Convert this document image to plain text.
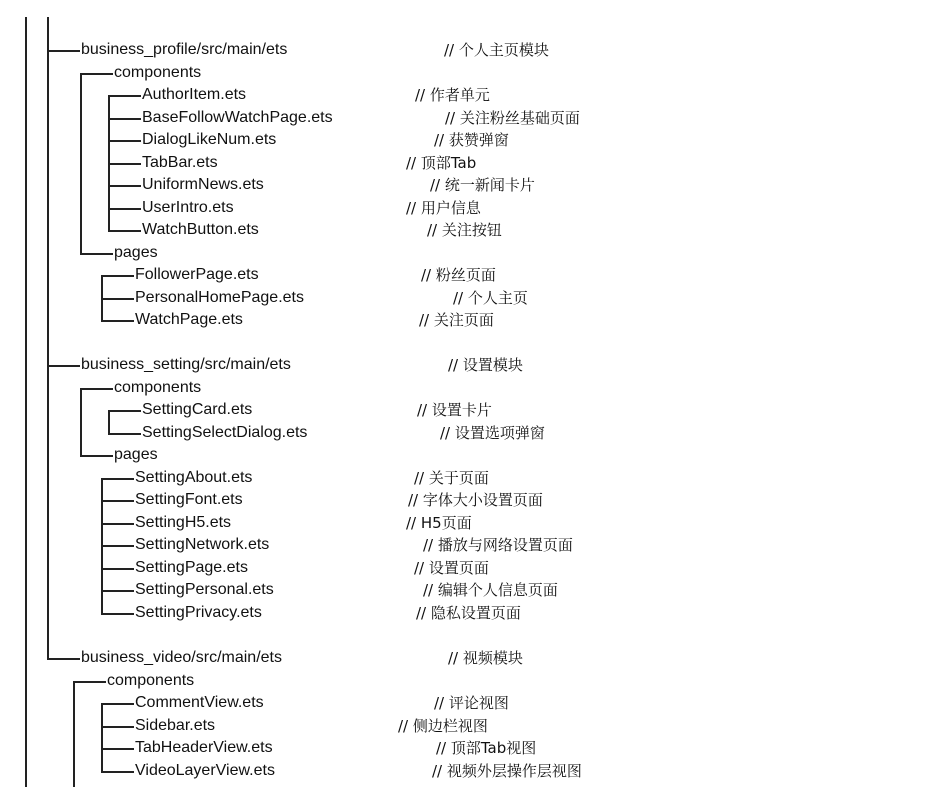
business_profile/src/main/ets	// 个人主页模块
components
AuthorItem.ets	// 作者单元
BaseFollowWatchPage.ets	// 关注粉丝基础页面
DialogLikeNum.ets	// 获赞弹窗
TabBar.ets	// 顶部Tab
UniformNews.ets	// 统一新闻卡片
UserIntro.ets	// 用户信息
WatchButton.ets	// 关注按钮
pages
FollowerPage.ets	// 粉丝页面
PersonalHomePage.ets	// 个人主页
WatchPage.ets	// 关注页面
business_setting/src/main/ets	// 设置模块
components
SettingCard.ets	// 设置卡片
SettingSelectDialog.ets	// 设置选项弹窗
pages
SettingAbout.ets	// 关于页面
SettingFont.ets	// 字体大小设置页面
SettingH5.ets	// H5页面
SettingNetwork.ets	// 播放与网络设置页面
SettingPage.ets	// 设置页面
SettingPersonal.ets	// 编辑个人信息页面
SettingPrivacy.ets	// 隐私设置页面
business_video/src/main/ets	// 视频模块
components
CommentView.ets	// 评论视图
Sidebar.ets	// 侧边栏视图
TabHeaderView.ets	// 顶部Tab视图
VideoLayerView.ets	// 视频外层操作层视图
